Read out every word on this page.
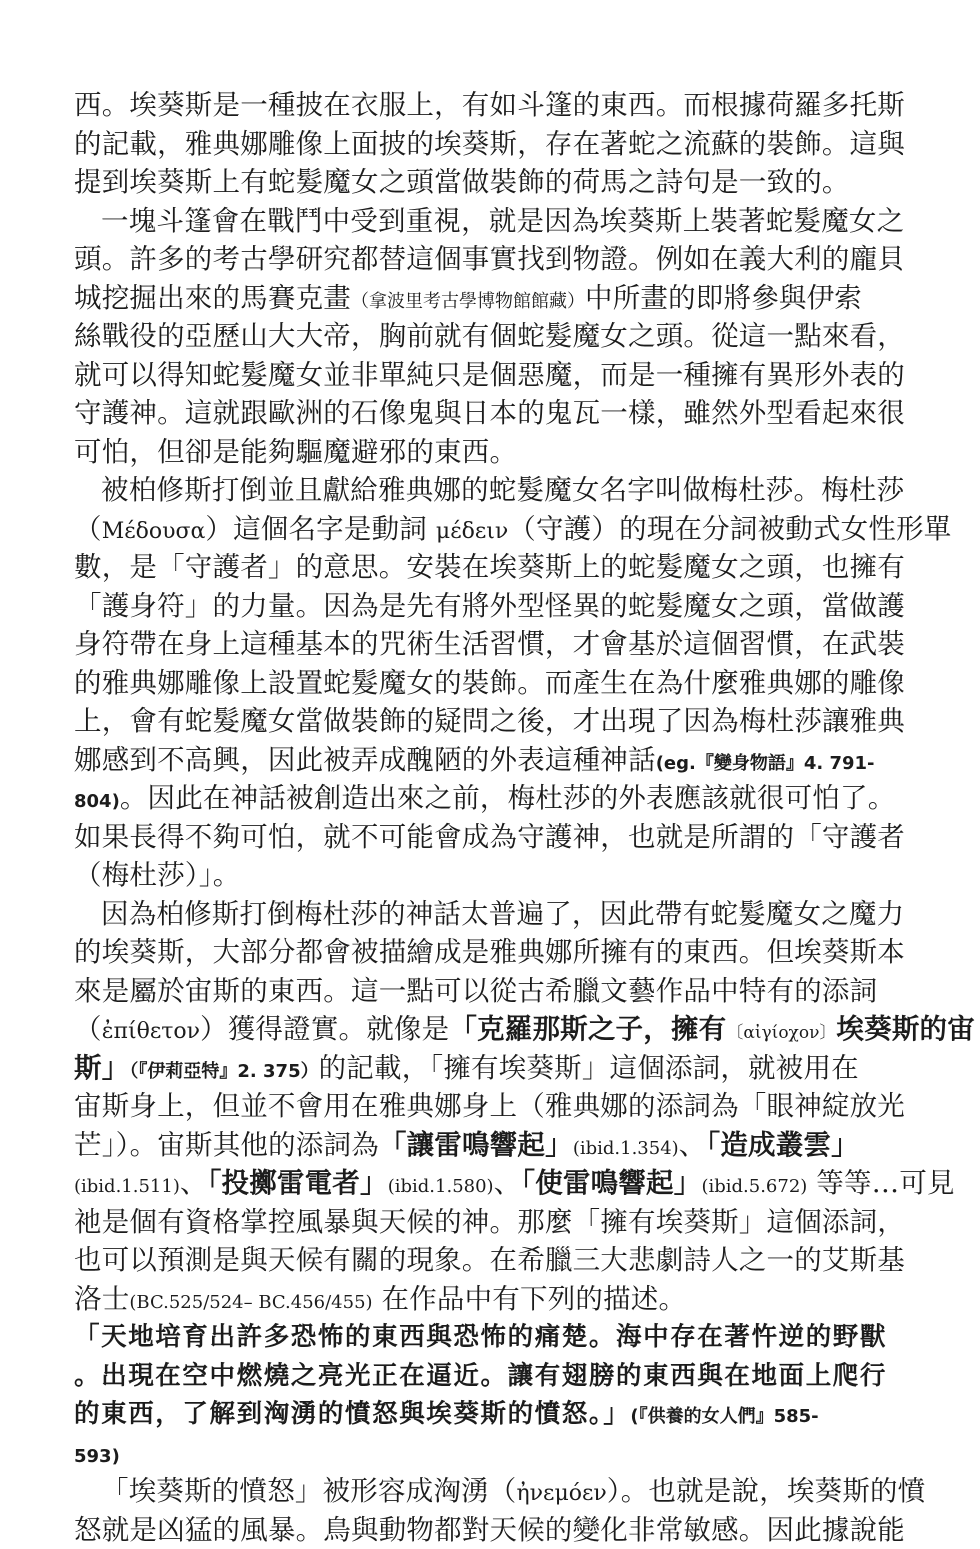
西。埃葵斯是一種披在衣服上，有如斗篷的東西。而根據荷羅多托斯
的記載，雅典娜雕像上面披的埃葵斯，存在著蛇之流蘇的裝飾。這與
提到埃葵斯上有蛇髮魔女之頭當做裝飾的荷馬之詩句是一致的。
一塊斗篷會在戰鬥中受到重視，就是因為埃葵斯上裝著蛇髮魔女之
頭。許多的考古學研究都替這個事實找到物證。例如在義大利的龐貝
城挖掘出來的馬賽克畫（拿波里考古學博物館館藏）中所畫的即將參與伊索
絲戰役的亞歷山大大帝，胸前就有個蛇髮魔女之頭。從這一點來看，
就可以得知蛇髮魔女並非單純只是個惡魔，而是一種擁有異形外表的
守護神。這就跟歐洲的石像鬼與日本的鬼瓦一樣，雖然外型看起來很
可怕，但卻是能夠驅魔避邪的東西。
被柏修斯打倒並且獻給雅典娜的蛇髮魔女名字叫做梅杜莎。梅杜莎
（Μέδουσα）這個名字是動詞 μέδειν（守護）的現在分詞被動式女性形單
數，是「守護者」的意思。安裝在埃葵斯上的蛇髮魔女之頭，也擁有
「護身符」的力量。因為是先有將外型怪異的蛇髮魔女之頭，當做護
身符帶在身上這種基本的咒術生活習慣，才會基於這個習慣，在武裝
的雅典娜雕像上設置蛇髮魔女的裝飾。而產生在為什麼雅典娜的雕像
上，會有蛇髮魔女當做裝飾的疑問之後，才出現了因為梅杜莎讓雅典
娜感到不高興，因此被弄成醜陋的外表這種神話(eg.『變身物語』4. 791-
804)。因此在神話被創造出來之前，梅杜莎的外表應該就很可怕了。
如果長得不夠可怕，就不可能會成為守護神，也就是所謂的「守護者
（梅杜莎）」。
因為柏修斯打倒梅杜莎的神話太普遍了，因此帶有蛇髮魔女之魔力
的埃葵斯，大部分都會被描繪成是雅典娜所擁有的東西。但埃葵斯本
來是屬於宙斯的東西。這一點可以從古希臘文藝作品中特有的添詞
（ἐπίθετον）獲得證實。就像是「克羅那斯之子，擁有〔αἰγίοχον〕埃葵斯的宙
斯」（『伊莉亞特』2. 375）的記載，「擁有埃葵斯」這個添詞，就被用在
宙斯身上，但並不會用在雅典娜身上（雅典娜的添詞為「眼神綻放光
芒」）。宙斯其他的添詞為「讓雷鳴響起」(ibid.1.354)、「造成叢雲」
(ibid.1.511)、「投擲雷電者」(ibid.1.580)、「使雷鳴響起」(ibid.5.672) 等等…可見
祂是個有資格掌控風暴與天候的神。那麼「擁有埃葵斯」這個添詞，
也可以預測是與天候有關的現象。在希臘三大悲劇詩人之一的艾斯基
洛士(BC.525/524– BC.456/455) 在作品中有下列的描述。
「天地培育出許多恐怖的東西與恐怖的痛楚。海中存在著忤逆的野獸
。出現在空中燃燒之亮光正在逼近。讓有翅膀的東西與在地面上爬行
的東西，了解到洶湧的憤怒與埃葵斯的憤怒。」(『供養的女人們』585-
593)
「埃葵斯的憤怒」被形容成洶湧（ἠνεμόεν）。也就是說，埃葵斯的憤
怒就是凶猛的風暴。鳥與動物都對天候的變化非常敏感。因此據說能
